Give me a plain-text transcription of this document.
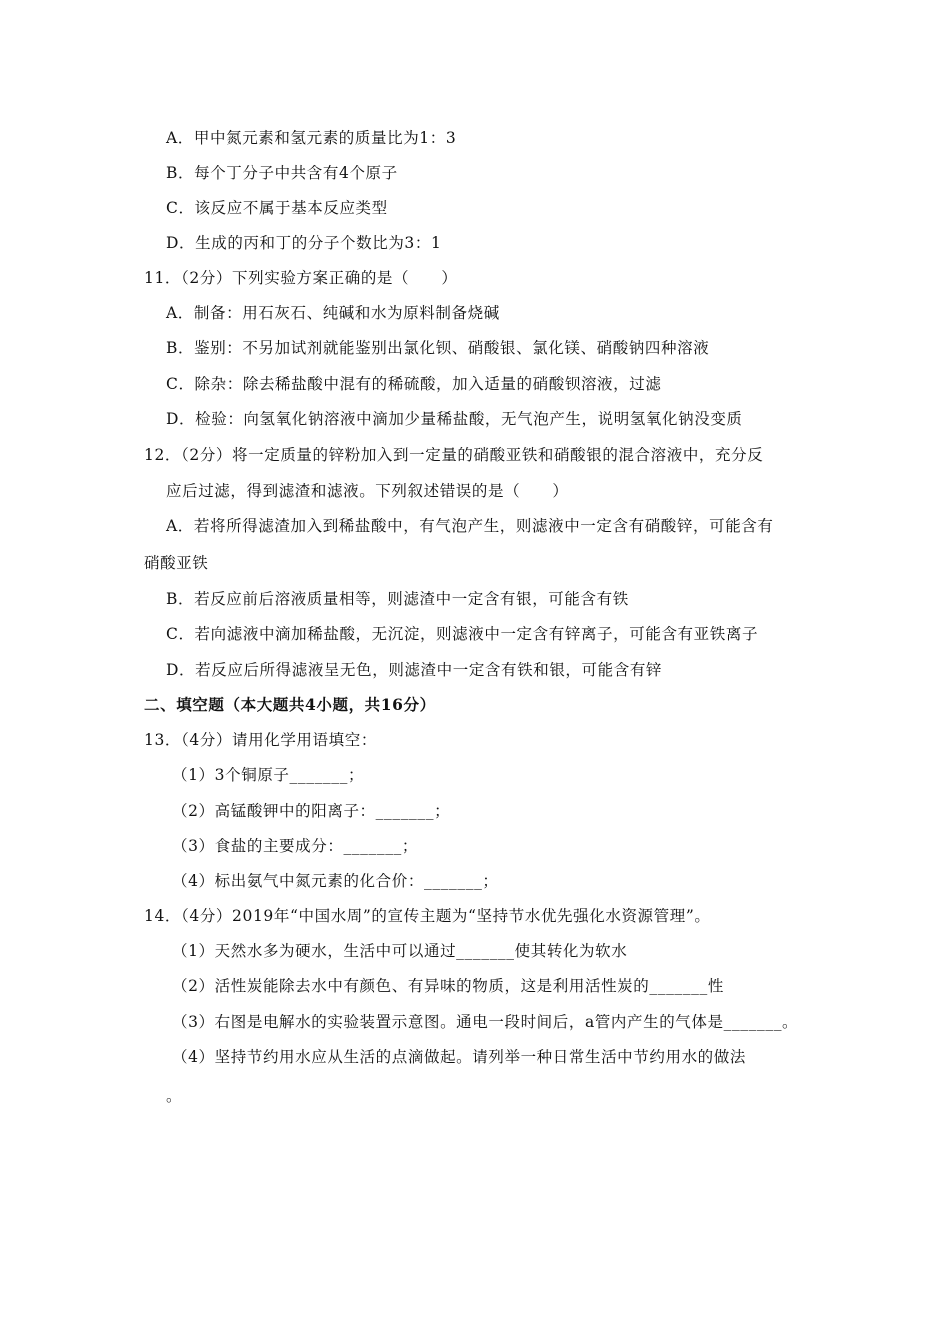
A．甲中氮元素和氢元素的质量比为1：3
B．每个丁分子中共含有4个原子
C．该反应不属于基本反应类型
D．生成的丙和丁的分子个数比为3：1
11．（2分）下列实验方案正确的是（　　）
A．制备：用石灰石、纯碱和水为原料制备烧碱
B．鉴别：不另加试剂就能鉴别出氯化钡、硝酸银、氯化镁、硝酸钠四种溶液
C．除杂：除去稀盐酸中混有的稀硫酸，加入适量的硝酸钡溶液，过滤
D．检验：向氢氧化钠溶液中滴加少量稀盐酸，无气泡产生，说明氢氧化钠没变质
12．（2分）将一定质量的锌粉加入到一定量的硝酸亚铁和硝酸银的混合溶液中，充分反
应后过滤，得到滤渣和滤液。下列叙述错误的是（　　）
A．若将所得滤渣加入到稀盐酸中，有气泡产生，则滤液中一定含有硝酸锌，可能含有
硝酸亚铁
B．若反应前后溶液质量相等，则滤渣中一定含有银，可能含有铁
C．若向滤液中滴加稀盐酸，无沉淀，则滤液中一定含有锌离子，可能含有亚铁离子
D．若反应后所得滤液呈无色，则滤渣中一定含有铁和银，可能含有锌
二、填空题（本大题共4小题，共16分）
13．（4分）请用化学用语填空：
（1）3个铜原子_______；
（2）高锰酸钾中的阳离子：_______；
（3）食盐的主要成分：_______；
（4）标出氨气中氮元素的化合价：_______；
14．（4分）2019年“中国水周”的宣传主题为“坚持节水优先强化水资源管理”。
（1）天然水多为硬水，生活中可以通过_______使其转化为软水
（2）活性炭能除去水中有颜色、有异味的物质，这是利用活性炭的_______性
（3）右图是电解水的实验装置示意图。通电一段时间后，a管内产生的气体是_______。
（4）坚持节约用水应从生活的点滴做起。请列举一种日常生活中节约用水的做法
。
